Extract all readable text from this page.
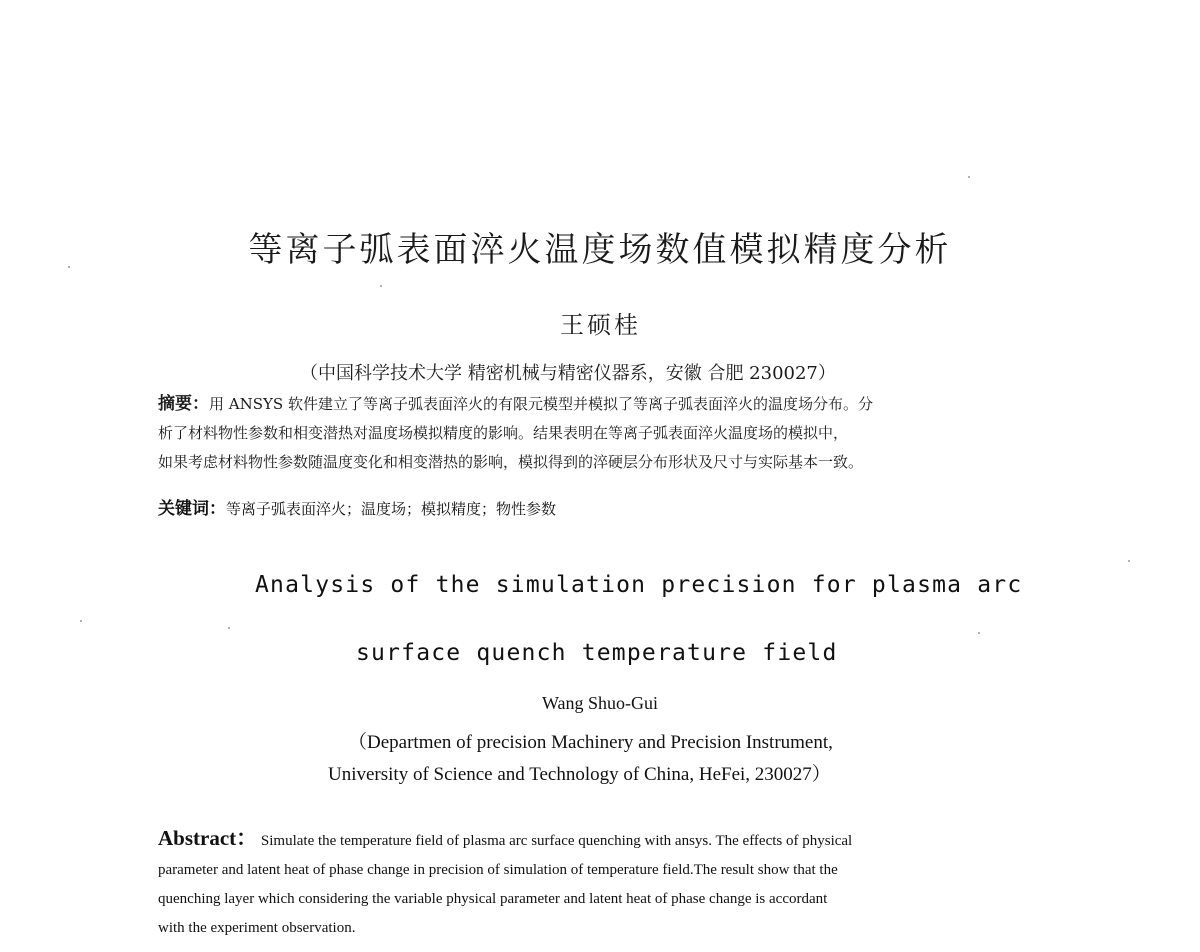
等离子弧表面淬火温度场数值模拟精度分析
王硕桂
（中国科学技术大学 精密机械与精密仪器系，安徽 合肥 230027）
摘要：用 ANSYS 软件建立了等离子弧表面淬火的有限元模型并模拟了等离子弧表面淬火的温度场分布。分
析了材料物性参数和相变潜热对温度场模拟精度的影响。结果表明在等离子弧表面淬火温度场的模拟中，
如果考虑材料物性参数随温度变化和相变潜热的影响，模拟得到的淬硬层分布形状及尺寸与实际基本一致。
关键词：等离子弧表面淬火；温度场；模拟精度；物性参数
Analysis of the simulation precision for plasma arc
surface quench temperature field
Wang Shuo-Gui
（Departmen of precision Machinery and Precision Instrument,
University of Science and Technology of China, HeFei, 230027）
Abstract： Simulate the temperature field of plasma arc surface quenching with ansys. The effects of physical
parameter and latent heat of phase change in precision of simulation of temperature field.The result show that the
quenching layer which considering the variable physical parameter and latent heat of phase change is accordant
with the experiment observation.
